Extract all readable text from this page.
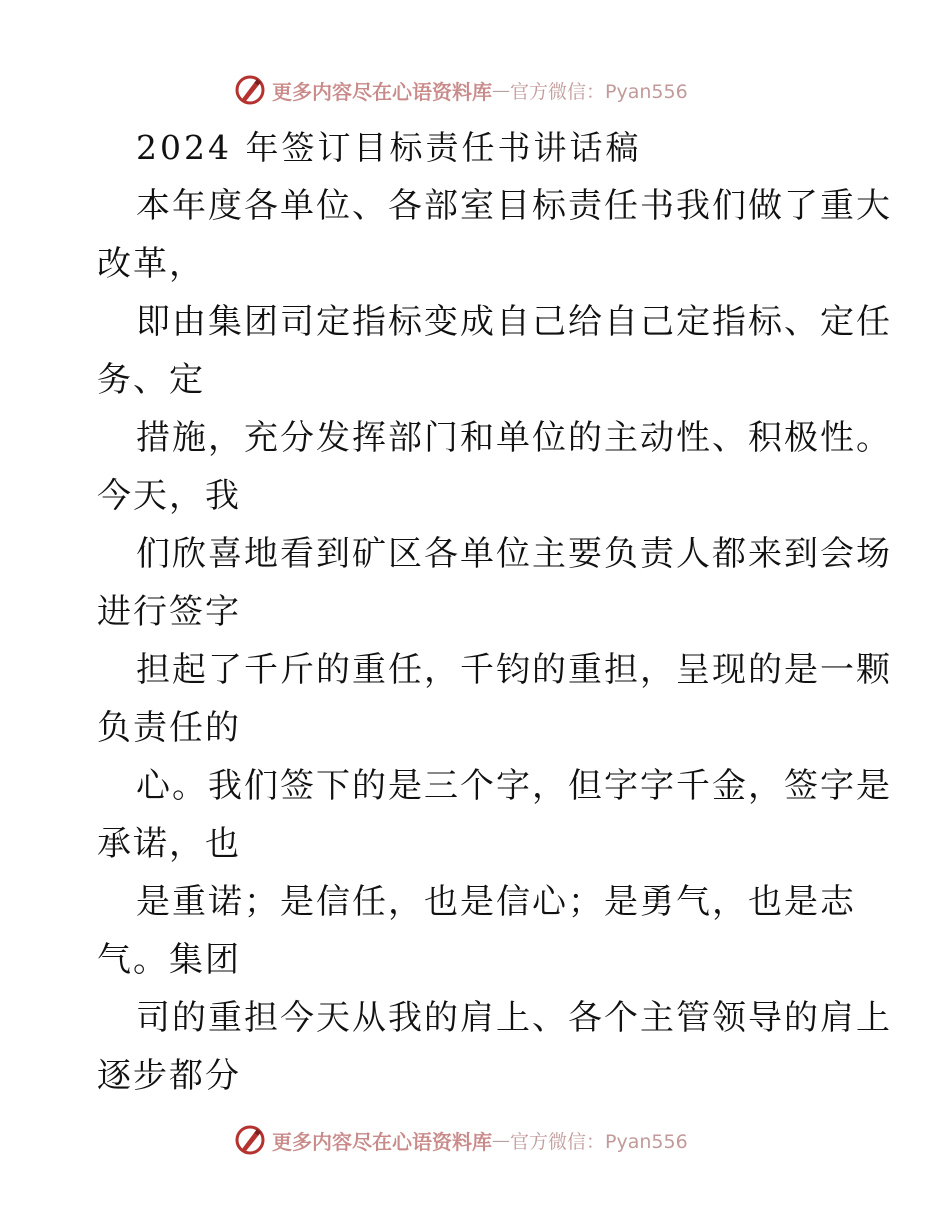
更多内容尽在心语资料库 — 官方微信：Pyan556
2024 年签订目标责任书讲话稿
本年度各单位、各部室目标责任书我们做了重大
改革，
即由集团司定指标变成自己给自己定指标、定任
务、定
措施，充分发挥部门和单位的主动性、积极性。
今天，我
们欣喜地看到矿区各单位主要负责人都来到会场
进行签字
担起了千斤的重任，千钧的重担，呈现的是一颗
负责任的
心。我们签下的是三个字，但字字千金，签字是
承诺，也
是重诺；是信任，也是信心；是勇气，也是志
气。集团
司的重担今天从我的肩上、各个主管领导的肩上
逐步都分
更多内容尽在心语资料库 — 官方微信：Pyan556
